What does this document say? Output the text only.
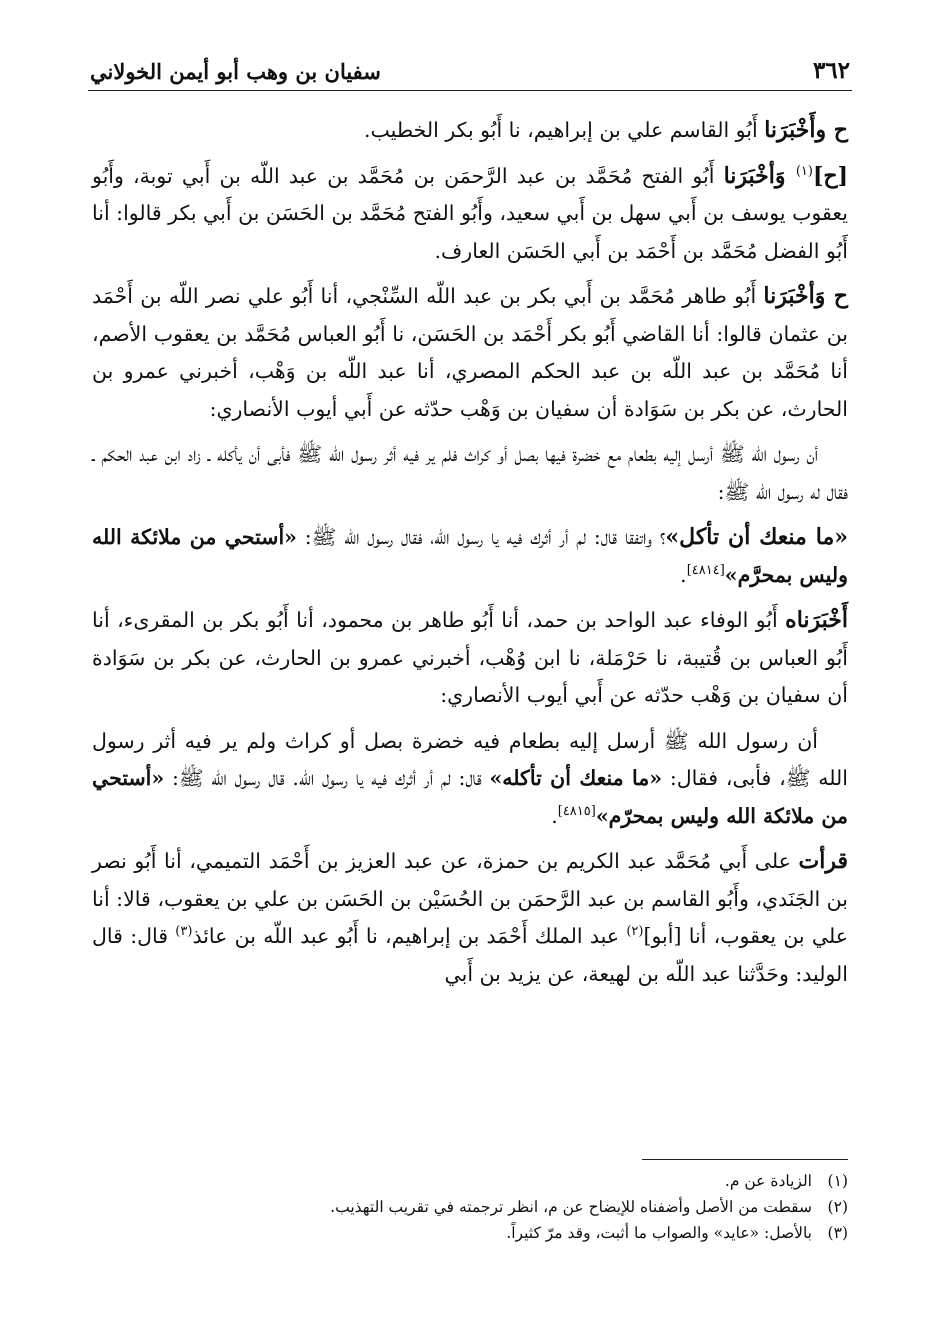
سفيان بن وهب أبو أيمن الخولاني	٣٦٢

ح وأَخْبَرَنا أَبُو القاسم علي بن إبراهيم، نا أَبُو بكر الخطيب.

[ح]$^{(١)}$ وَأخْبَرَنا أَبُو الفتح مُحَمَّد بن عبد الرَّحمَن بن مُحَمَّد بن عبد اللّه بن أَبي توبة، وأَبُو يعقوب يوسف بن أَبي سهل بن أَبي سعيد، وأَبُو الفتح مُحَمَّد بن الحَسَن بن أَبي بكر قالوا: أنا أَبُو الفضل مُحَمَّد بن أَحْمَد بن أَبي الحَسَن العارف.

ح وَأخْبَرَنا أَبُو طاهر مُحَمَّد بن أَبي بكر بن عبد اللّه السِّنْجي، أنا أَبُو علي نصر اللّه بن أَحْمَد بن عثمان قالوا: أنا القاضي أَبُو بكر أَحْمَد بن الحَسَن، نا أَبُو العباس مُحَمَّد بن يعقوب الأصم، أنا مُحَمَّد بن عبد اللّه بن عبد الحكم المصري، أنا عبد اللّه بن وَهْب، أخبرني عمرو بن الحارث، عن بكر بن سَوَادة أن سفيان بن وَهْب حدّثه عن أَبي أيوب الأنصاري:

أن رسول اللّه ﷺ أرسل إليه بطعام مع خضرة فيها بصل أو كراث فلم ير فيه أثر رسول اللّه ﷺ فأبى أن يأكله ـ زاد ابن عبد الحكم ـ فقال له رسول اللّه ﷺ:

«ما منعك أن تأكل»؟ واتفقا قال: لم أر أثرك فيه يا رسول الله، فقال رسول الله ﷺ: «أستحي من ملائكة الله وليس بمحرَّم»[٤٨١٤].

أَخْبَرَناه أَبُو الوفاء عبد الواحد بن حمد، أنا أَبُو طاهر بن محمود، أنا أَبُو بكر بن المقرىء، أنا أَبُو العباس بن قُتيبة، نا حَرْمَلة، نا ابن وُهْب، أخبرني عمرو بن الحارث، عن بكر بن سَوَادة أن سفيان بن وَهْب حدّثه عن أَبي أيوب الأنصاري:

أن رسول الله ﷺ أرسل إليه بطعام فيه خضرة بصل أو كراث ولم ير فيه أثر رسول الله ﷺ، فأبى، فقال: «ما منعك أن تأكله» قال: لم أر أثرك فيه يا رسول الله. قال رسول الله ﷺ: «أستحي من ملائكة الله وليس بمحرّم»[٤٨١٥].

قرأت على أَبي مُحَمَّد عبد الكريم بن حمزة، عن عبد العزيز بن أَحْمَد التميمي، أنا أَبُو نصر بن الجَنَدي، وأَبُو القاسم بن عبد الرَّحمَن بن الحُسَيْن بن الحَسَن بن علي بن يعقوب، قالا: أنا علي بن يعقوب، أنا [أبو]$^{(٢)}$ عبد الملك أَحْمَد بن إبراهيم، نا أَبُو عبد اللّه بن عائذ$^{(٣)}$ قال: قال الوليد: وحَدَّثنا عبد اللّه بن لهيعة، عن يزيد بن أَبي

(١)
الزيادة عن م.
(٢)
سقطت من الأصل وأضفناه للإيضاح عن م، انظر ترجمته في تقريب التهذيب.
(٣)
بالأصل: «عايد» والصواب ما أثبت، وقد مرّ كثيراً.
